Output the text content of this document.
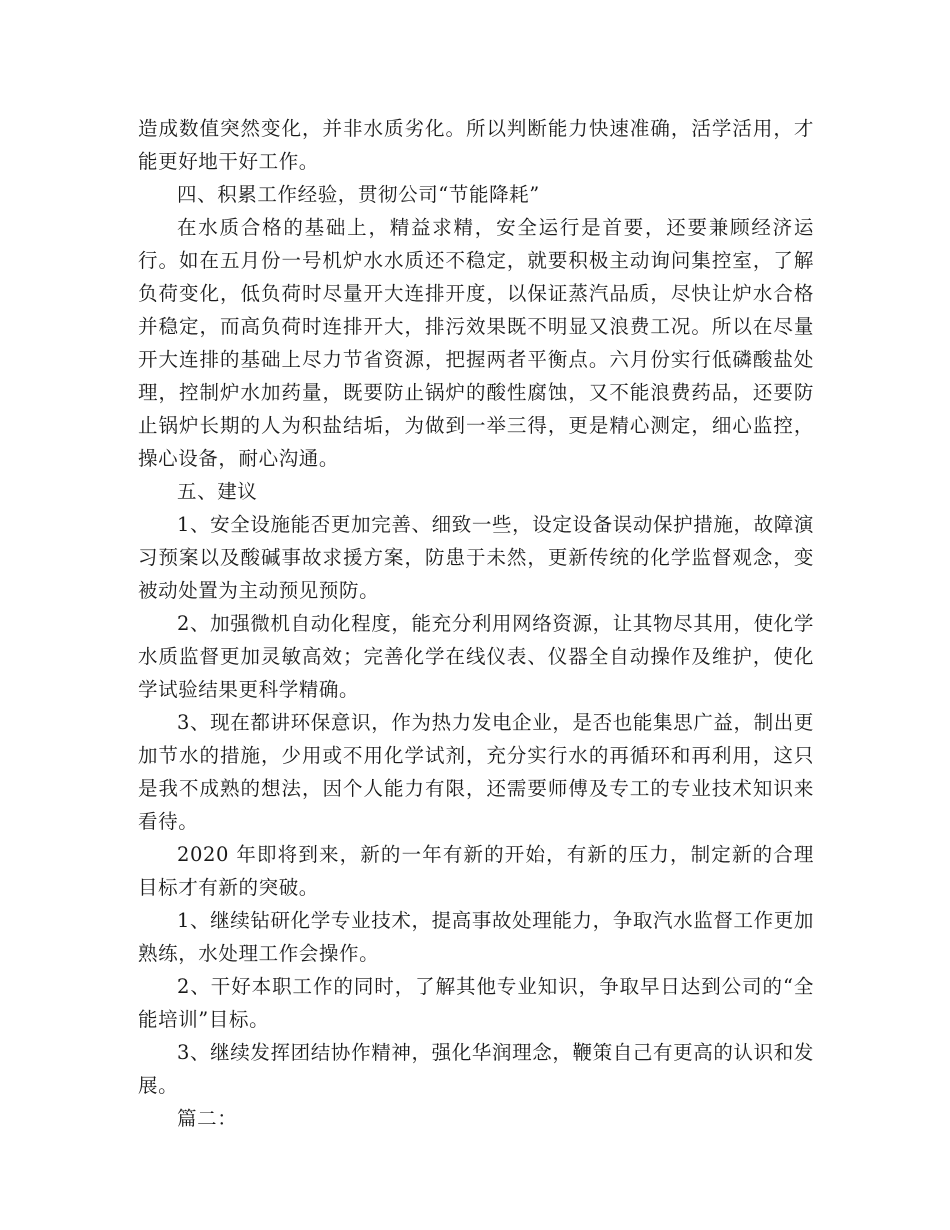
造成数值突然变化，并非水质劣化。所以判断能力快速准确，活学活用，才能更好地干好工作。

四、积累工作经验，贯彻公司“节能降耗”

在水质合格的基础上，精益求精，安全运行是首要，还要兼顾经济运行。如在五月份一号机炉水水质还不稳定，就要积极主动询问集控室，了解负荷变化，低负荷时尽量开大连排开度，以保证蒸汽品质，尽快让炉水合格并稳定，而高负荷时连排开大，排污效果既不明显又浪费工况。所以在尽量开大连排的基础上尽力节省资源，把握两者平衡点。六月份实行低磷酸盐处理，控制炉水加药量，既要防止锅炉的酸性腐蚀，又不能浪费药品，还要防止锅炉长期的人为积盐结垢，为做到一举三得，更是精心测定，细心监控，操心设备，耐心沟通。

五、建议

1、安全设施能否更加完善、细致一些，设定设备误动保护措施，故障演习预案以及酸碱事故求援方案，防患于未然，更新传统的化学监督观念，变被动处置为主动预见预防。

2、加强微机自动化程度，能充分利用网络资源，让其物尽其用，使化学水质监督更加灵敏高效；完善化学在线仪表、仪器全自动操作及维护，使化学试验结果更科学精确。

3、现在都讲环保意识，作为热力发电企业，是否也能集思广益，制出更加节水的措施，少用或不用化学试剂，充分实行水的再循环和再利用，这只是我不成熟的想法，因个人能力有限，还需要师傅及专工的专业技术知识来看待。

2020 年即将到来，新的一年有新的开始，有新的压力，制定新的合理目标才有新的突破。

1、继续钻研化学专业技术，提高事故处理能力，争取汽水监督工作更加熟练，水处理工作会操作。

2、干好本职工作的同时，了解其他专业知识，争取早日达到公司的“全能培训”目标。

3、继续发挥团结协作精神，强化华润理念，鞭策自己有更高的认识和发展。

篇二：
